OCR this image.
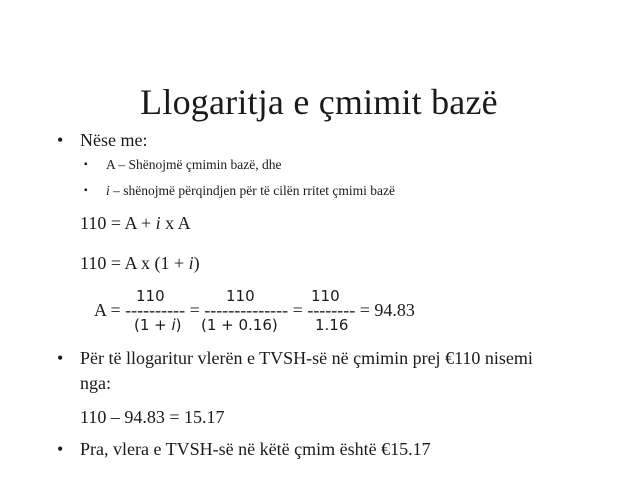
Llogaritja e çmimit bazë
• Nëse me:
▪ A – Shënojmë çmimin bazë, dhe
▪ i – shënojmë përqindjen për të cilën rritet çmimi bazë
110 = A + i x A
110 = A x (1 + i)
110	110	110
A = ---------- = -------------- = -------- = 94.83
(1 + i) (1 + 0.16) 1.16
• Për të llogaritur vlerën e TVSH-së në çmimin prej €110 nisemi
nga:
110 – 94.83 = 15.17
• Pra, vlera e TVSH-së në këtë çmim është €15.17
